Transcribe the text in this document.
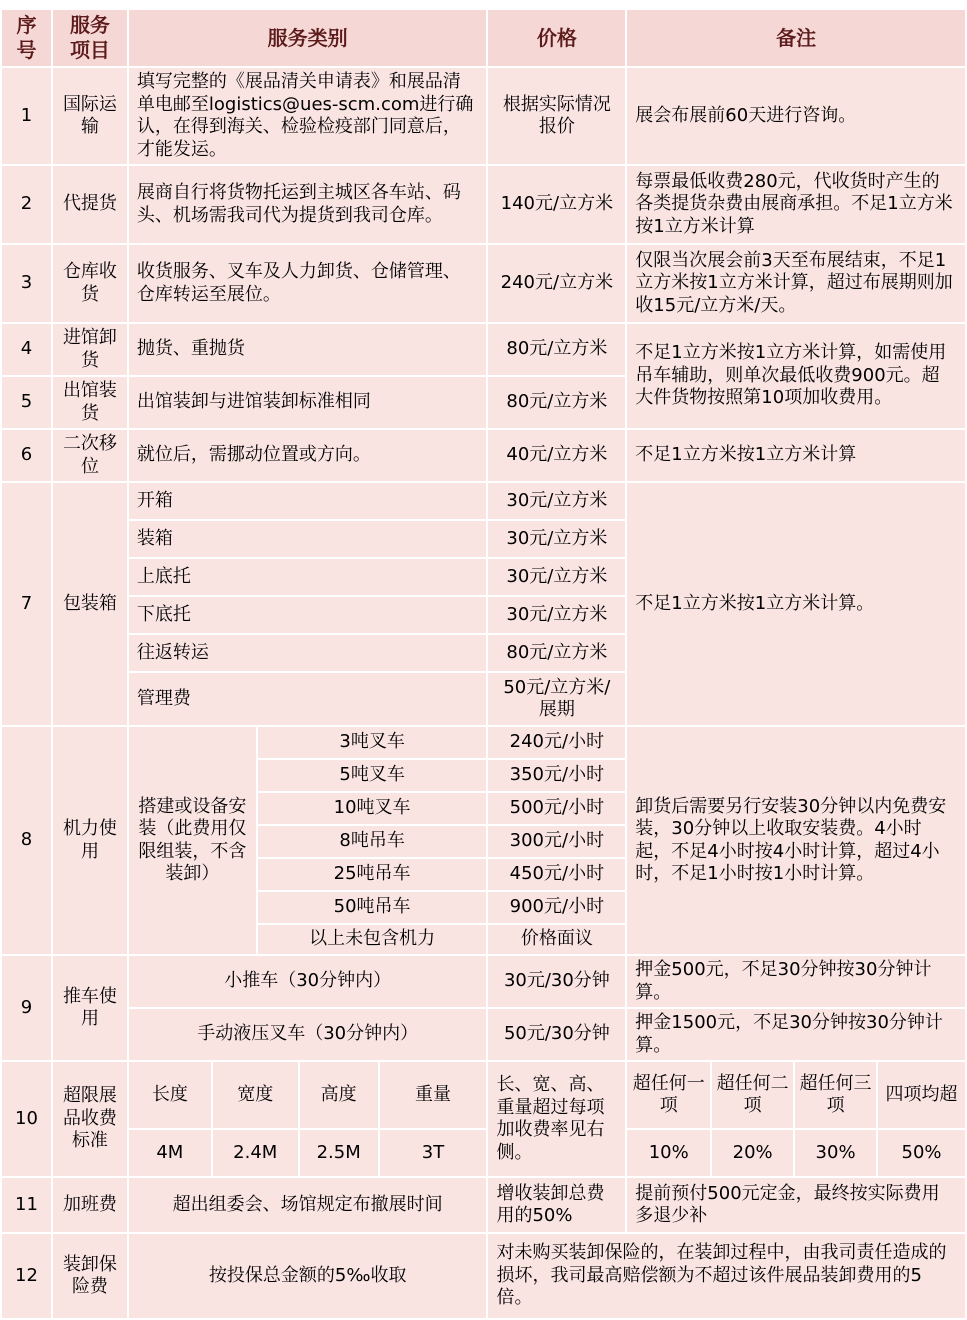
序号	服务项目	服务类别					价格	备注			
1	国际运输	填写完整的《展品清关申请表》和展品清单电邮至logistics@ues-scm.com进行确认，在得到海关、检验检疫部门同意后，才能发运。					根据实际情况报价	展会布展前60天进行咨询。			
2	代提货	展商自行将货物托运到主城区各车站、码头、机场需我司代为提货到我司仓库。					140元/立方米	每票最低收费280元，代收货时产生的各类提货杂费由展商承担。不足1立方米按1立方米计算			
3	仓库收货	收货服务、叉车及人力卸货、仓储管理、仓库转运至展位。					240元/立方米	仅限当次展会前3天至布展结束，不足1立方米按1立方米计算，超过布展期则加收15元/立方米/天。			
4	进馆卸货	抛货、重抛货					80元/立方米	不足1立方米按1立方米计算，如需使用吊车辅助，则单次最低收费900元。超大件货物按照第10项加收费用。			
5	出馆装货	出馆装卸与进馆装卸标准相同					80元/立方米				
6	二次移位	就位后，需挪动位置或方向。					40元/立方米	不足1立方米按1立方米计算			
7	包装箱	开箱					30元/立方米	不足1立方米按1立方米计算。			
		装箱					30元/立方米				
		上底托					30元/立方米				
		下底托					30元/立方米				
		往返转运					80元/立方米				
		管理费					50元/立方米/展期				
8	机力使用	搭建或设备安装（此费用仅限组装，不含装卸）		3吨叉车			240元/小时	卸货后需要另行安装30分钟以内免费安装，30分钟以上收取安装费。4小时起，不足4小时按4小时计算，超过4小时，不足1小时按1小时计算。			
				5吨叉车			350元/小时				
				10吨叉车			500元/小时				
				8吨吊车			300元/小时				
				25吨吊车			450元/小时				
				50吨吊车			900元/小时				
				以上未包含机力			价格面议				
9	推车使用	小推车（30分钟内）					30元/30分钟	押金500元，不足30分钟按30分钟计算。			
		手动液压叉车（30分钟内）					50元/30分钟	押金1500元，不足30分钟按30分钟计算。			
10	超限展品收费标准	长度	宽度		高度	重量	长、宽、高、重量超过每项加收费率见右侧。	超任何一项	超任何二项	超任何三项	四项均超
		4M	2.4M		2.5M	3T		10%	20%	30%	50%
11	加班费	超出组委会、场馆规定布撤展时间					增收装卸总费用的50%	提前预付500元定金，最终按实际费用多退少补			
12	装卸保险费	按投保总金额的5‰收取					对未购买装卸保险的，在装卸过程中，由我司责任造成的损坏，我司最高赔偿额为不超过该件展品装卸费用的5倍。				
